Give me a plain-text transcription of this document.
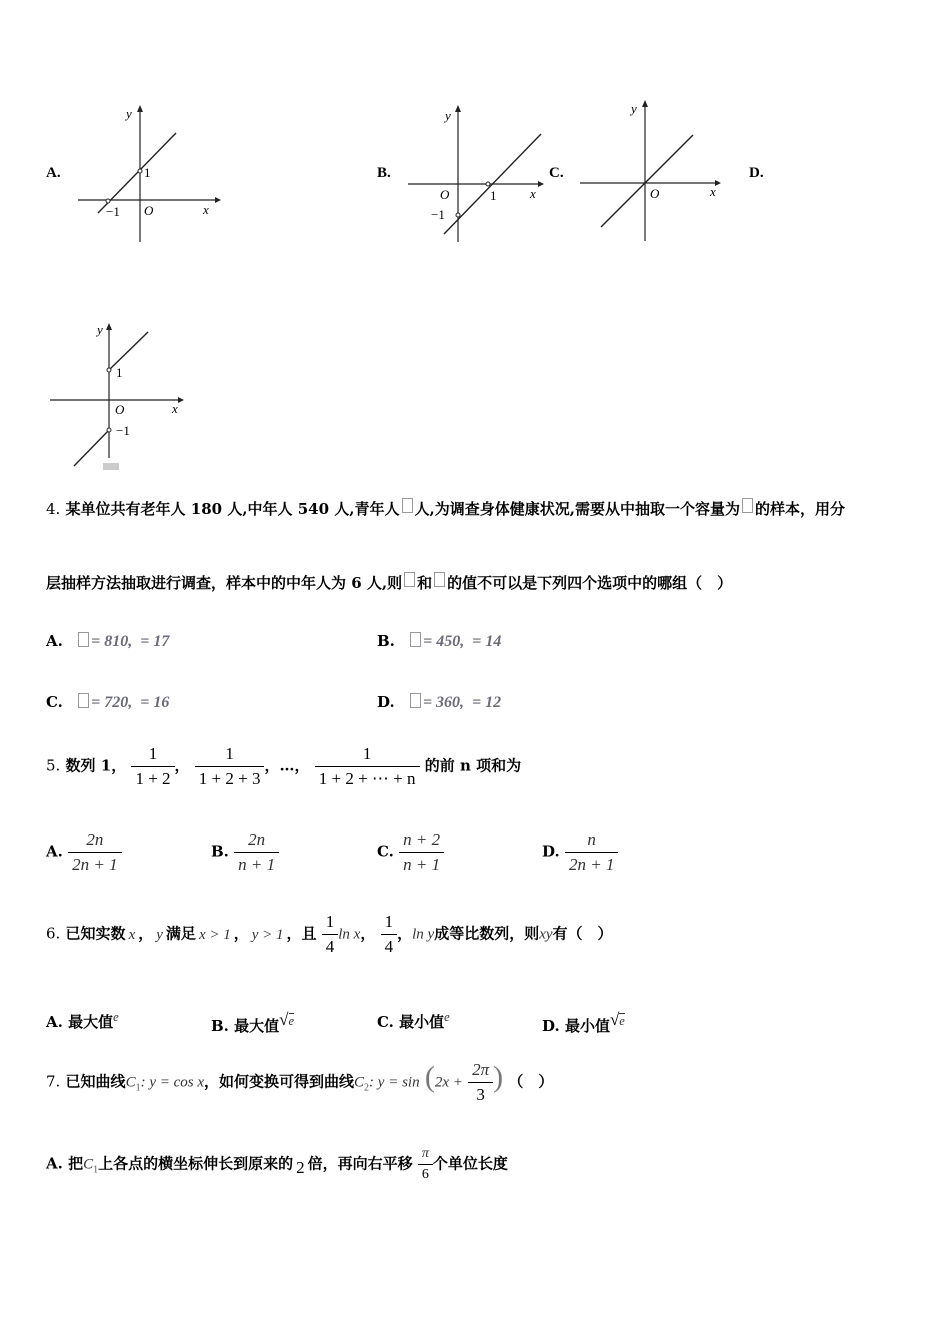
A.	B.	C.	D.
y
x
O
1
−1
y
x
O	1
−1
y
x
O
y
x
O
1
−1
4. 某单位共有老年人 180 人,中年人 540 人,青年人 人,为调查身体健康状况,需要从中抽取一个容量为 的样本，用分
层抽样方法抽取进行调查，样本中的中年人为 6 人,则 和 的值不可以是下列四个选项中的哪组（　）
A. = 810,  = 17	B. = 450,  = 14
C. = 720,  = 16	D. = 360,  = 12
5. 数列 1， $\frac{1}{1 + 2}$ ， $\frac{1}{1 + 2 + 3}$ ，…， $\frac{1}{1 + 2 + \cdots + n}$ 的前 n 项和为
A. $\frac{2n}{2n + 1}$	B. $\frac{2n}{n + 1}$	C. $\frac{n + 2}{n + 1}$	D. $\frac{n}{2n + 1}$
6. 已知实数 x ， y 满足 x > 1 ， y > 1 ，且 $\frac{1}{4}$ ln x， $\frac{1}{4}$ ，ln y成等比数列，则xy有（　）
A. 最大值$^e$	B. 最大值$^{√e}$	C. 最小值$^e$	D. 最小值$^{√e}$
7. 已知曲线$C_1$: y = cos x，如何变换可得到曲线$C_2$: $y = \sin (2x + \frac{2\pi}{3}$ ) （　）
A. 把$C_1$上各点的横坐标伸长到原来的 2 倍，再向右平移 $\frac{\pi}{6}$ 个单位长度
